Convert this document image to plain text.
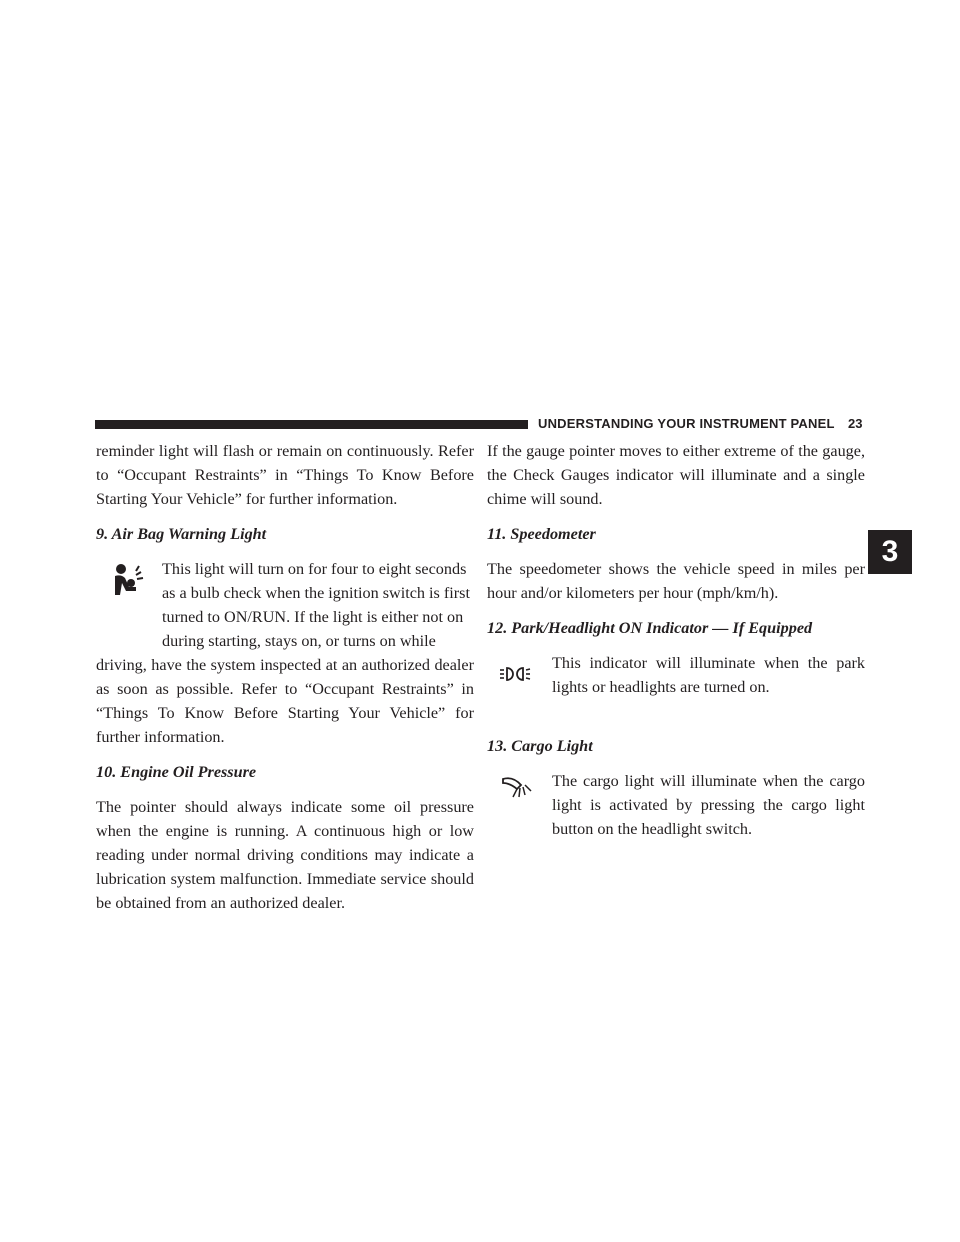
UNDERSTANDING YOUR INSTRUMENT PANEL 23
3

reminder light will flash or remain on continuously. Refer to “Occupant Restraints” in “Things To Know Before Starting Your Vehicle” for further information.

9. Air Bag Warning Light

This light will turn on for four to eight seconds

as a bulb check when the ignition switch is first

turned to ON/RUN. If the light is either not on

during starting, stays on, or turns on while

driving, have the system inspected at an authorized dealer as soon as possible. Refer to “Occupant Restraints” in “Things To Know Before Starting Your Vehicle” for further information.

10. Engine Oil Pressure

The pointer should always indicate some oil pressure when the engine is running. A continuous high or low reading under normal driving conditions may indicate a lubrication system malfunction. Immediate service should be obtained from an authorized dealer.

If the gauge pointer moves to either extreme of the gauge, the Check Gauges indicator will illuminate and a single chime will sound.

11. Speedometer

The speedometer shows the vehicle speed in miles per hour and/or kilometers per hour (mph/km/h).

12. Park/Headlight ON Indicator — If Equipped

This indicator will illuminate when the park lights or headlights are turned on.

13. Cargo Light

The cargo light will illuminate when the cargo light is activated by pressing the cargo light button on the headlight switch.
